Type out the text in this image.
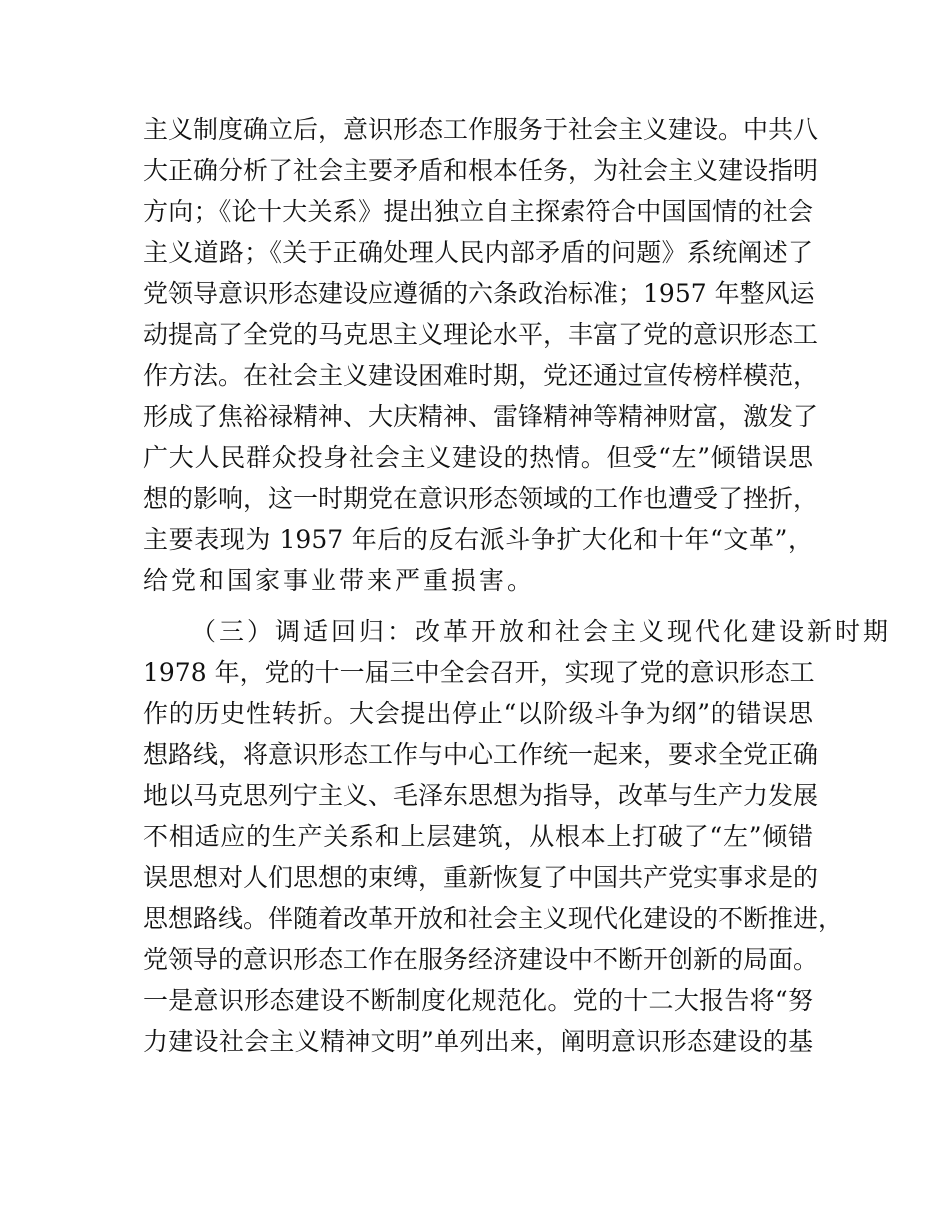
主义制度确立后，意识形态工作服务于社会主义建设。中共八
大正确分析了社会主要矛盾和根本任务，为社会主义建设指明
方向；《论十大关系》提出独立自主探索符合中国国情的社会
主义道路；《关于正确处理人民内部矛盾的问题》系统阐述了
党领导意识形态建设应遵循的六条政治标准；1957 年整风运
动提高了全党的马克思主义理论水平，丰富了党的意识形态工
作方法。在社会主义建设困难时期，党还通过宣传榜样模范，
形成了焦裕禄精神、大庆精神、雷锋精神等精神财富，激发了
广大人民群众投身社会主义建设的热情。但受“左”倾错误思
想的影响，这一时期党在意识形态领域的工作也遭受了挫折，
主要表现为 1957 年后的反右派斗争扩大化和十年“文革”，
给党和国家事业带来严重损害。
（三）调适回归：改革开放和社会主义现代化建设新时期
1978 年，党的十一届三中全会召开，实现了党的意识形态工
作的历史性转折。大会提出停止“以阶级斗争为纲”的错误思
想路线，将意识形态工作与中心工作统一起来，要求全党正确
地以马克思列宁主义、毛泽东思想为指导，改革与生产力发展
不相适应的生产关系和上层建筑，从根本上打破了“左”倾错
误思想对人们思想的束缚，重新恢复了中国共产党实事求是的
思想路线。伴随着改革开放和社会主义现代化建设的不断推进，
党领导的意识形态工作在服务经济建设中不断开创新的局面。
一是意识形态建设不断制度化规范化。党的十二大报告将“努
力建设社会主义精神文明”单列出来，阐明意识形态建设的基
